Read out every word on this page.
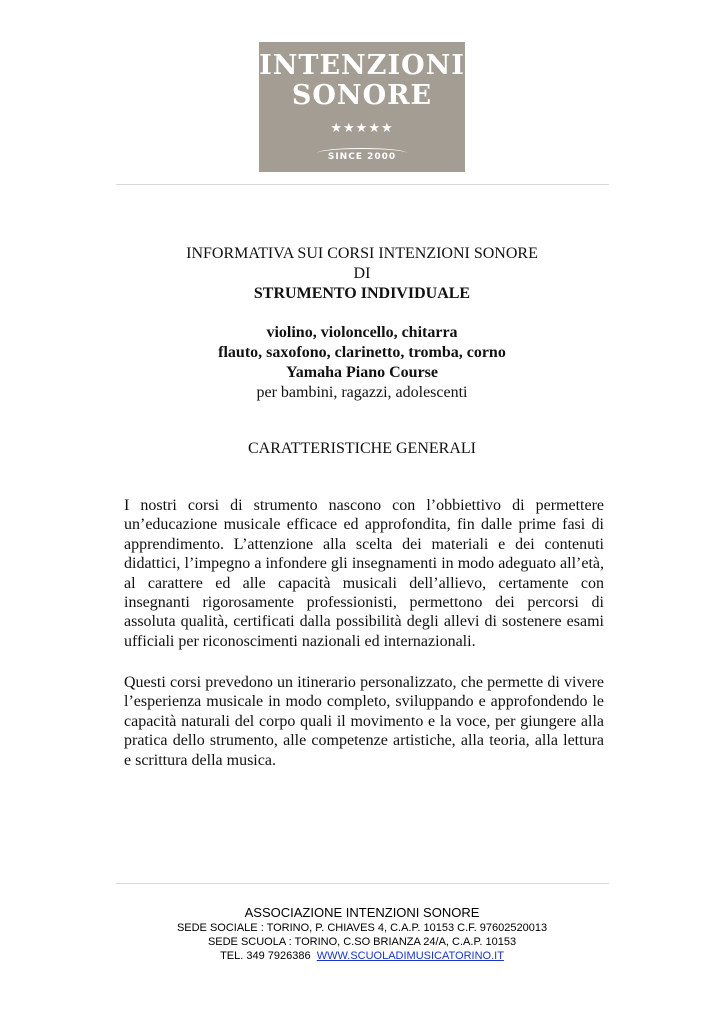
INTENZIONI
SONORE
★★★★★
SINCE 2000
INFORMATIVA SUI CORSI INTENZIONI SONORE
DI
STRUMENTO INDIVIDUALE
violino, violoncello, chitarra
flauto, saxofono, clarinetto, tromba, corno
Yamaha Piano Course
per bambini, ragazzi, adolescenti
CARATTERISTICHE GENERALI

I nostri corsi di strumento nascono con l’obbiettivo di permettere un’educazione musicale efficace ed approfondita, fin dalle prime fasi di apprendimento. L’attenzione alla scelta dei materiali e dei contenuti didattici, l’impegno a infondere gli insegnamenti in modo adeguato all’età, al carattere ed alle capacità musicali dell’allievo, certamente con insegnanti rigorosamente professionisti, permettono dei percorsi di assoluta qualità, certificati dalla possibilità degli allevi di sostenere esami ufficiali per riconoscimenti nazionali ed internazionali.

Questi corsi prevedono un itinerario personalizzato, che permette di vivere l’esperienza musicale in modo completo, sviluppando e approfondendo le capacità naturali del corpo quali il movimento e la voce, per giungere alla pratica dello strumento, alle competenze artistiche, alla teoria, alla lettura e scrittura della musica.

ASSOCIAZIONE INTENZIONI SONORE
SEDE SOCIALE : TORINO, P. CHIAVES 4, C.A.P. 10153 C.F. 97602520013
SEDE SCUOLA : TORINO, C.SO BRIANZA 24/A, C.A.P. 10153
TEL. 349 7926386 WWW.SCUOLADIMUSICATORINO.IT
